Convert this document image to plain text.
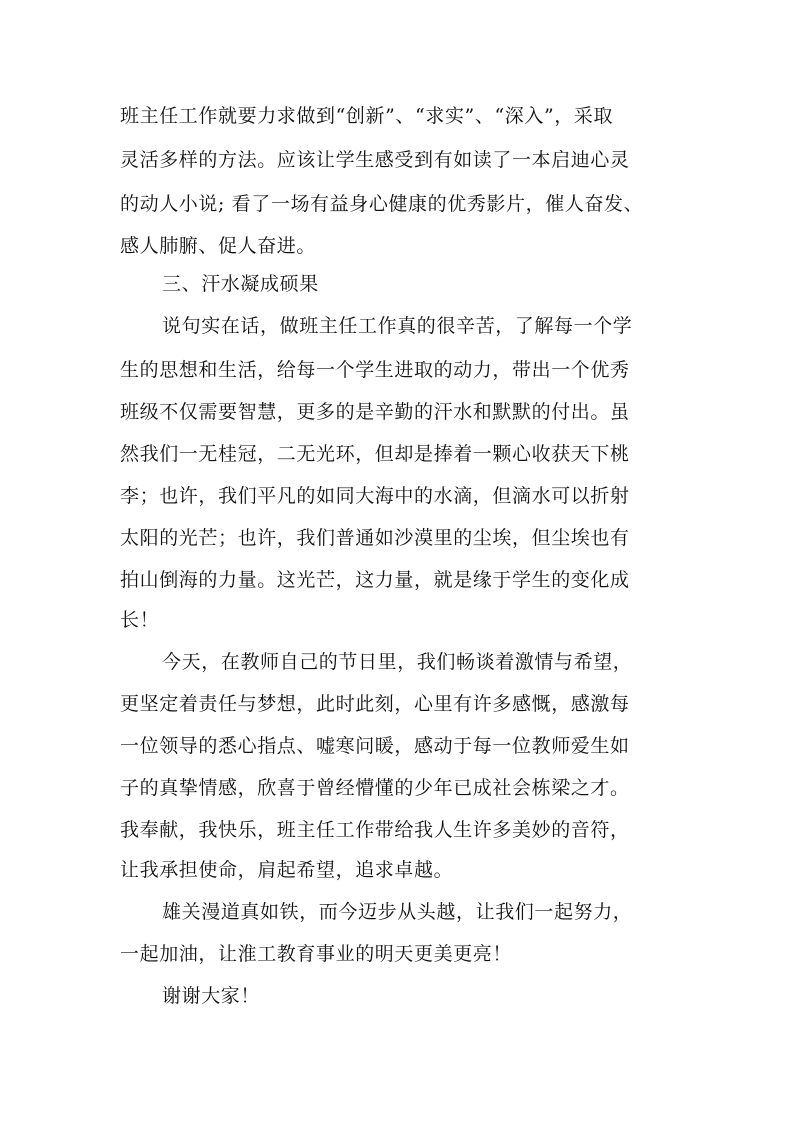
班主任工作就要力求做到“创新”、“求实”、“深入”，采取
灵活多样的方法。应该让学生感受到有如读了一本启迪心灵
的动人小说; 看了一场有益身心健康的优秀影片，催人奋发、
感人肺腑、促人奋进。
三、汗水凝成硕果
说句实在话，做班主任工作真的很辛苦，了解每一个学
生的思想和生活，给每一个学生进取的动力，带出一个优秀
班级不仅需要智慧，更多的是辛勤的汗水和默默的付出。虽
然我们一无桂冠，二无光环，但却是捧着一颗心收获天下桃
李；也许，我们平凡的如同大海中的水滴，但滴水可以折射
太阳的光芒；也许，我们普通如沙漠里的尘埃，但尘埃也有
拍山倒海的力量。这光芒，这力量，就是缘于学生的变化成
长！
今天，在教师自己的节日里，我们畅谈着激情与希望，
更坚定着责任与梦想，此时此刻，心里有许多感慨，感激每
一位领导的悉心指点、嘘寒问暖，感动于每一位教师爱生如
子的真挚情感，欣喜于曾经懵懂的少年已成社会栋梁之才。
我奉献，我快乐，班主任工作带给我人生许多美妙的音符，
让我承担使命，肩起希望，追求卓越。
雄关漫道真如铁，而今迈步从头越，让我们一起努力，
一起加油，让淮工教育事业的明天更美更亮！
谢谢大家！
